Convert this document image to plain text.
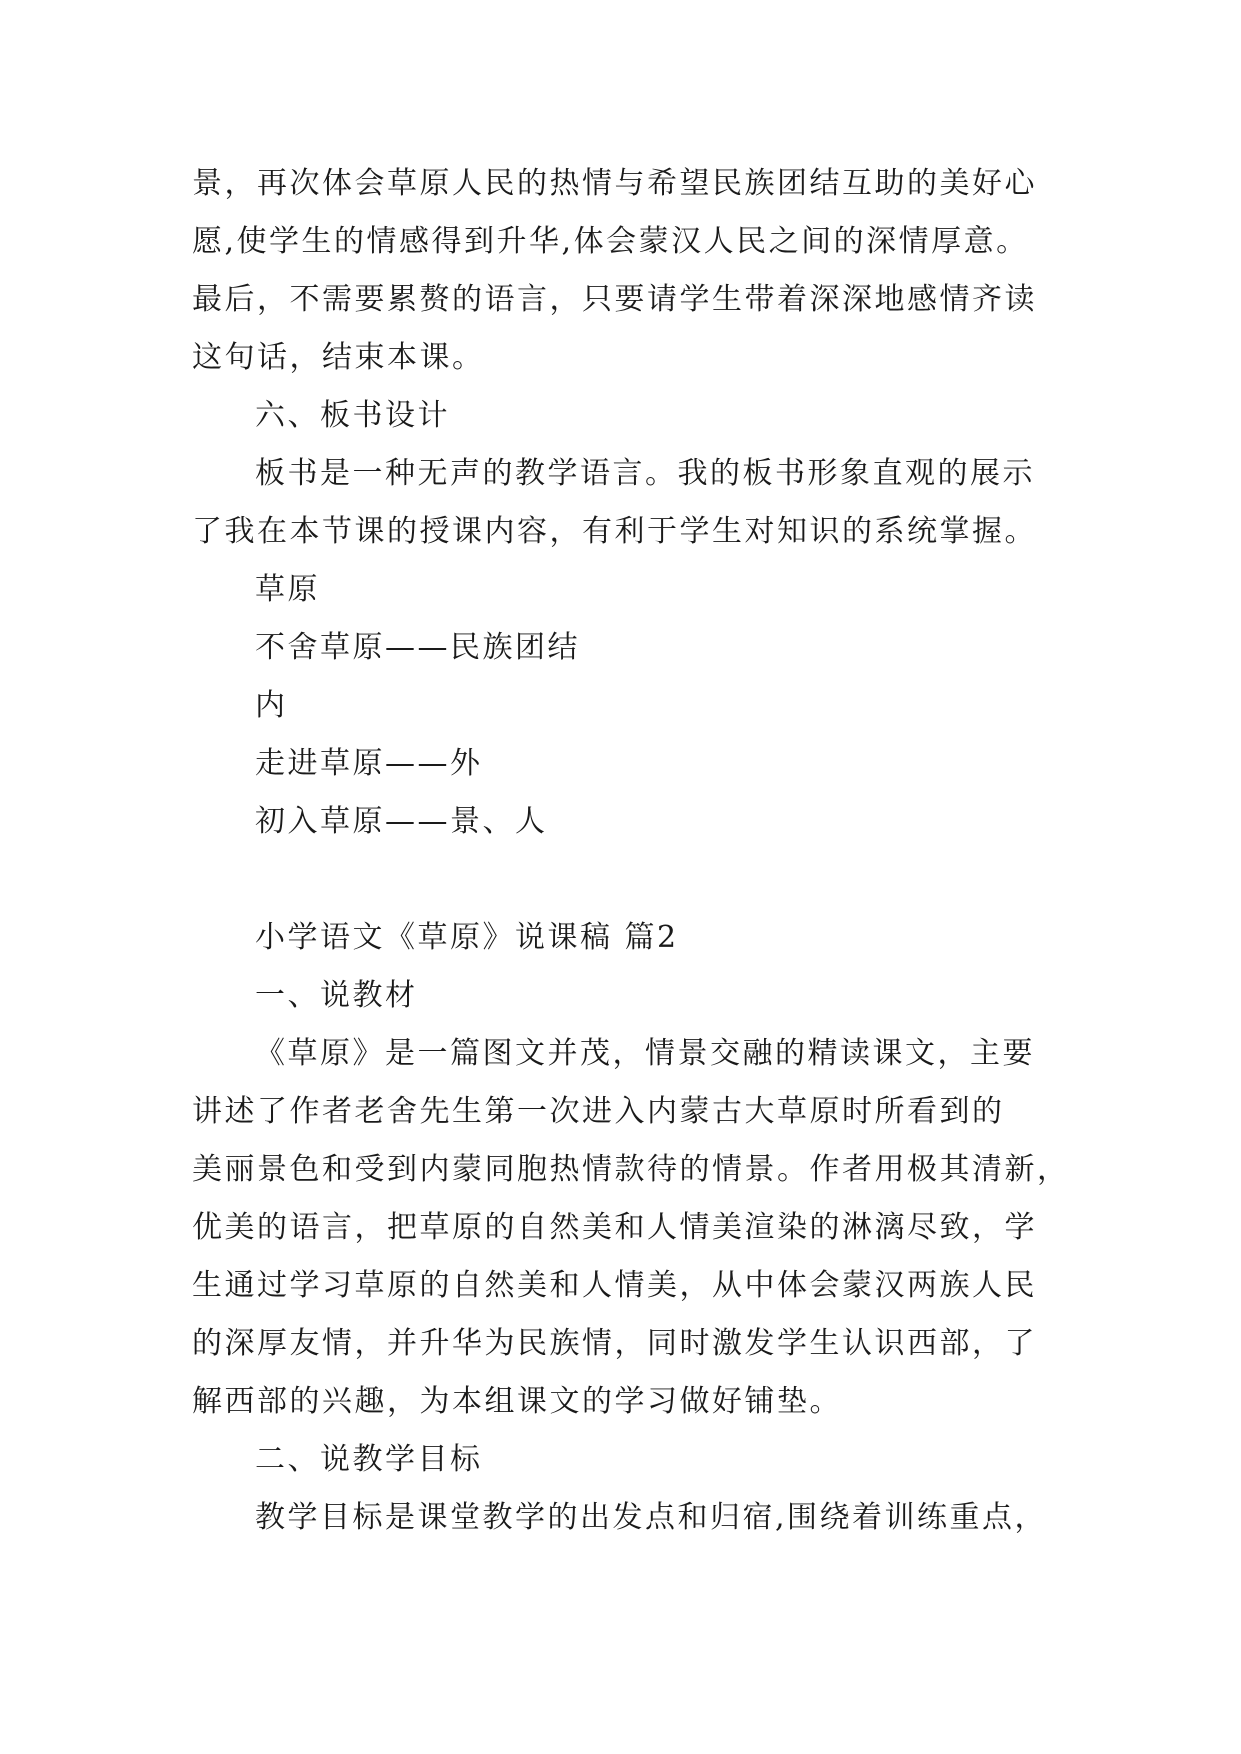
景，再次体会草原人民的热情与希望民族团结互助的美好心
愿,使学生的情感得到升华,体会蒙汉人民之间的深情厚意。
最后，不需要累赘的语言，只要请学生带着深深地感情齐读
这句话，结束本课。
六、板书设计
板书是一种无声的教学语言。我的板书形象直观的展示
了我在本节课的授课内容，有利于学生对知识的系统掌握。
草原
不舍草原——民族团结
内
走进草原——外
初入草原——景、人
小学语文《草原》说课稿 篇2
一、说教材
《草原》是一篇图文并茂，情景交融的精读课文，主要
讲述了作者老舍先生第一次进入内蒙古大草原时所看到的
美丽景色和受到内蒙同胞热情款待的情景。作者用极其清新，
优美的语言，把草原的自然美和人情美渲染的淋漓尽致，学
生通过学习草原的自然美和人情美，从中体会蒙汉两族人民
的深厚友情，并升华为民族情，同时激发学生认识西部，了
解西部的兴趣，为本组课文的学习做好铺垫。
二、说教学目标
教学目标是课堂教学的出发点和归宿,围绕着训练重点，
